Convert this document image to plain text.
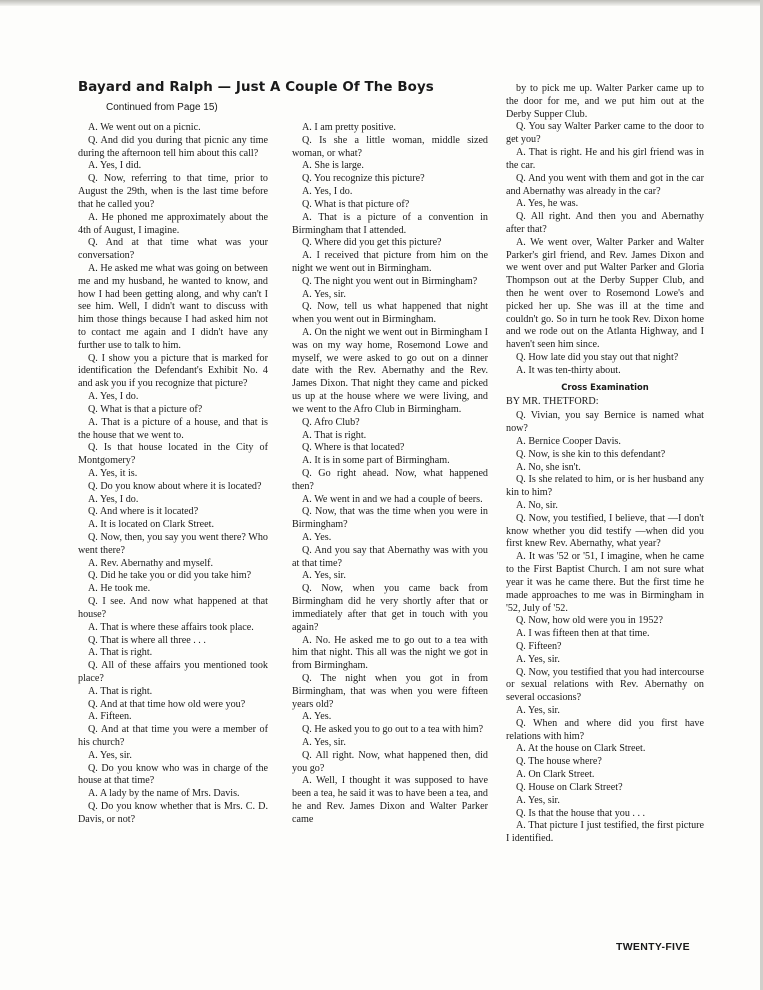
Bayard and Ralph — Just A Couple Of The Boys
Continued from Page 15)

A. We went out on a picnic.

Q. And did you during that picnic any time during the afternoon tell him about this call?

A. Yes, I did.

Q. Now, referring to that time, prior to August the 29th, when is the last time before that he called you?

A. He phoned me approximately about the 4th of August, I imagine.

Q. And at that time what was your conversation?

A. He asked me what was going on between me and my husband, he wanted to know, and how I had been getting along, and why can't I see him. Well, I didn't want to discuss with him those things because I had asked him not to contact me again and I didn't have any further use to talk to him.

Q. I show you a picture that is marked for identification the Defendant's Exhibit No. 4 and ask you if you recognize that picture?

A. Yes, I do.

Q. What is that a picture of?

A. That is a picture of a house, and that is the house that we went to.

Q. Is that house located in the City of Montgomery?

A. Yes, it is.

Q. Do you know about where it is located?

A. Yes, I do.

Q. And where is it located?

A. It is located on Clark Street.

Q. Now, then, you say you went there? Who went there?

A. Rev. Abernathy and myself.

Q. Did he take you or did you take him?

A. He took me.

Q. I see. And now what happened at that house?

A. That is where these affairs took place.

Q. That is where all three . . .

A. That is right.

Q. All of these affairs you mentioned took place?

A. That is right.

Q. And at that time how old were you?

A. Fifteen.

Q. And at that time you were a member of his church?

A. Yes, sir.

Q. Do you know who was in charge of the house at that time?

A. A lady by the name of Mrs. Davis.

Q. Do you know whether that is Mrs. C. D. Davis, or not?

A. I am pretty positive.

Q. Is she a little woman, middle sized woman, or what?

A. She is large.

Q. You recognize this picture?

A. Yes, I do.

Q. What is that picture of?

A. That is a picture of a convention in Birmingham that I attended.

Q. Where did you get this picture?

A. I received that picture from him on the night we went out in Birmingham.

Q. The night you went out in Birmingham?

A. Yes, sir.

Q. Now, tell us what happened that night when you went out in Birmingham.

A. On the night we went out in Birmingham I was on my way home, Rosemond Lowe and myself, we were asked to go out on a dinner date with the Rev. Abernathy and the Rev. James Dixon. That night they came and picked us up at the house where we were living, and we went to the Afro Club in Birmingham.

Q. Afro Club?

A. That is right.

Q. Where is that located?

A. It is in some part of Birmingham.

Q. Go right ahead. Now, what happened then?

A. We went in and we had a couple of beers.

Q. Now, that was the time when you were in Birmingham?

A. Yes.

Q. And you say that Abernathy was with you at that time?

A. Yes, sir.

Q. Now, when you came back from Birmingham did he very shortly after that or immediately after that get in touch with you again?

A. No. He asked me to go out to a tea with him that night. This all was the night we got in from Birmingham.

Q. The night when you got in from Birmingham, that was when you were fifteen years old?

A. Yes.

Q. He asked you to go out to a tea with him?

A. Yes, sir.

Q. All right. Now, what happened then, did you go?

A. Well, I thought it was supposed to have been a tea, he said it was to have been a tea, and he and Rev. James Dixon and Walter Parker came

by to pick me up. Walter Parker came up to the door for me, and we put him out at the Derby Supper Club.

Q. You say Walter Parker came to the door to get you?

A. That is right. He and his girl friend was in the car.

Q. And you went with them and got in the car and Abernathy was already in the car?

A. Yes, he was.

Q. All right. And then you and Abernathy after that?

A. We went over, Walter Parker and Walter Parker's girl friend, and Rev. James Dixon and we went over and put Walter Parker and Gloria Thompson out at the Derby Supper Club, and then he went over to Rosemond Lowe's and picked her up. She was ill at the time and couldn't go. So in turn he took Rev. Dixon home and we rode out on the Atlanta Highway, and I haven't seen him since.

Q. How late did you stay out that night?

A. It was ten-thirty about.

Cross Examination

BY MR. THETFORD:

Q. Vivian, you say Bernice is named what now?

A. Bernice Cooper Davis.

Q. Now, is she kin to this defendant?

A. No, she isn't.

Q. Is she related to him, or is her husband any kin to him?

A. No, sir.

Q. Now, you testified, I believe, that —I don't know whether you did testify —when did you first knew Rev. Abernathy, what year?

A. It was '52 or '51, I imagine, when he came to the First Baptist Church. I am not sure what year it was he came there. But the first time he made approaches to me was in Birmingham in '52, July of '52.

Q. Now, how old were you in 1952?

A. I was fifteen then at that time.

Q. Fifteen?

A. Yes, sir.

Q. Now, you testified that you had intercourse or sexual relations with Rev. Abernathy on several occasions?

A. Yes, sir.

Q. When and where did you first have relations with him?

A. At the house on Clark Street.

Q. The house where?

A. On Clark Street.

Q. House on Clark Street?

A. Yes, sir.

Q. Is that the house that you . . .

A. That picture I just testified, the first picture I identified.

TWENTY-FIVE
